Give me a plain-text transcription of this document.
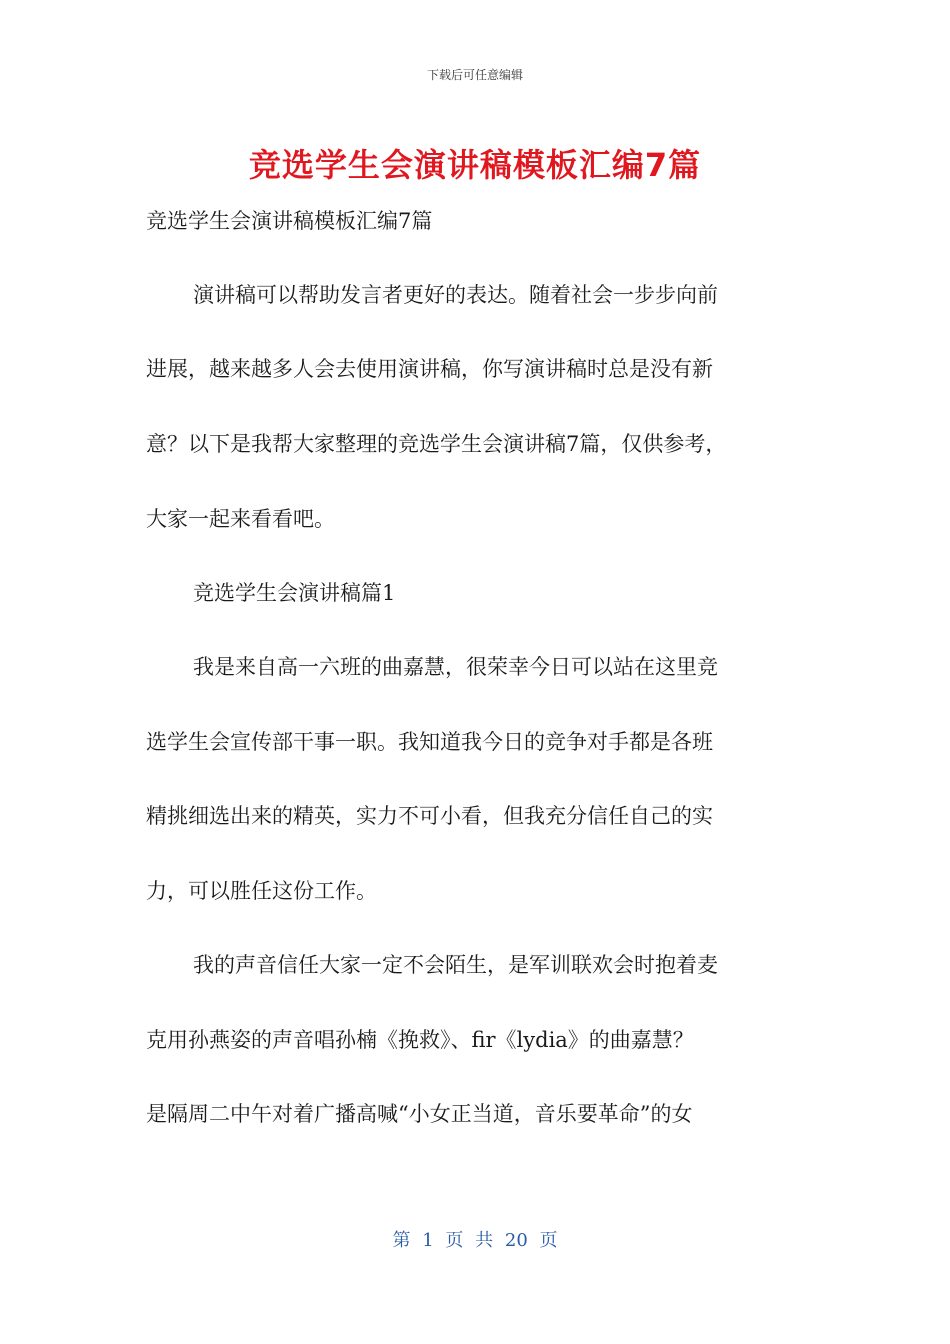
下载后可任意编辑
竞选学生会演讲稿模板汇编7篇
竞选学生会演讲稿模板汇编7篇
演讲稿可以帮助发言者更好的表达。随着社会一步步向前
进展，越来越多人会去使用演讲稿，你写演讲稿时总是没有新
意？以下是我帮大家整理的竞选学生会演讲稿7篇，仅供参考，
大家一起来看看吧。
竞选学生会演讲稿篇1
我是来自高一六班的曲嘉慧，很荣幸今日可以站在这里竞
选学生会宣传部干事一职。我知道我今日的竞争对手都是各班
精挑细选出来的精英，实力不可小看，但我充分信任自己的实
力，可以胜任这份工作。
我的声音信任大家一定不会陌生，是军训联欢会时抱着麦
克用孙燕姿的声音唱孙楠《挽救》、fir《lydia》的曲嘉慧？
是隔周二中午对着广播高喊“小女正当道，音乐要革命”的女
第 1 页 共 20 页
